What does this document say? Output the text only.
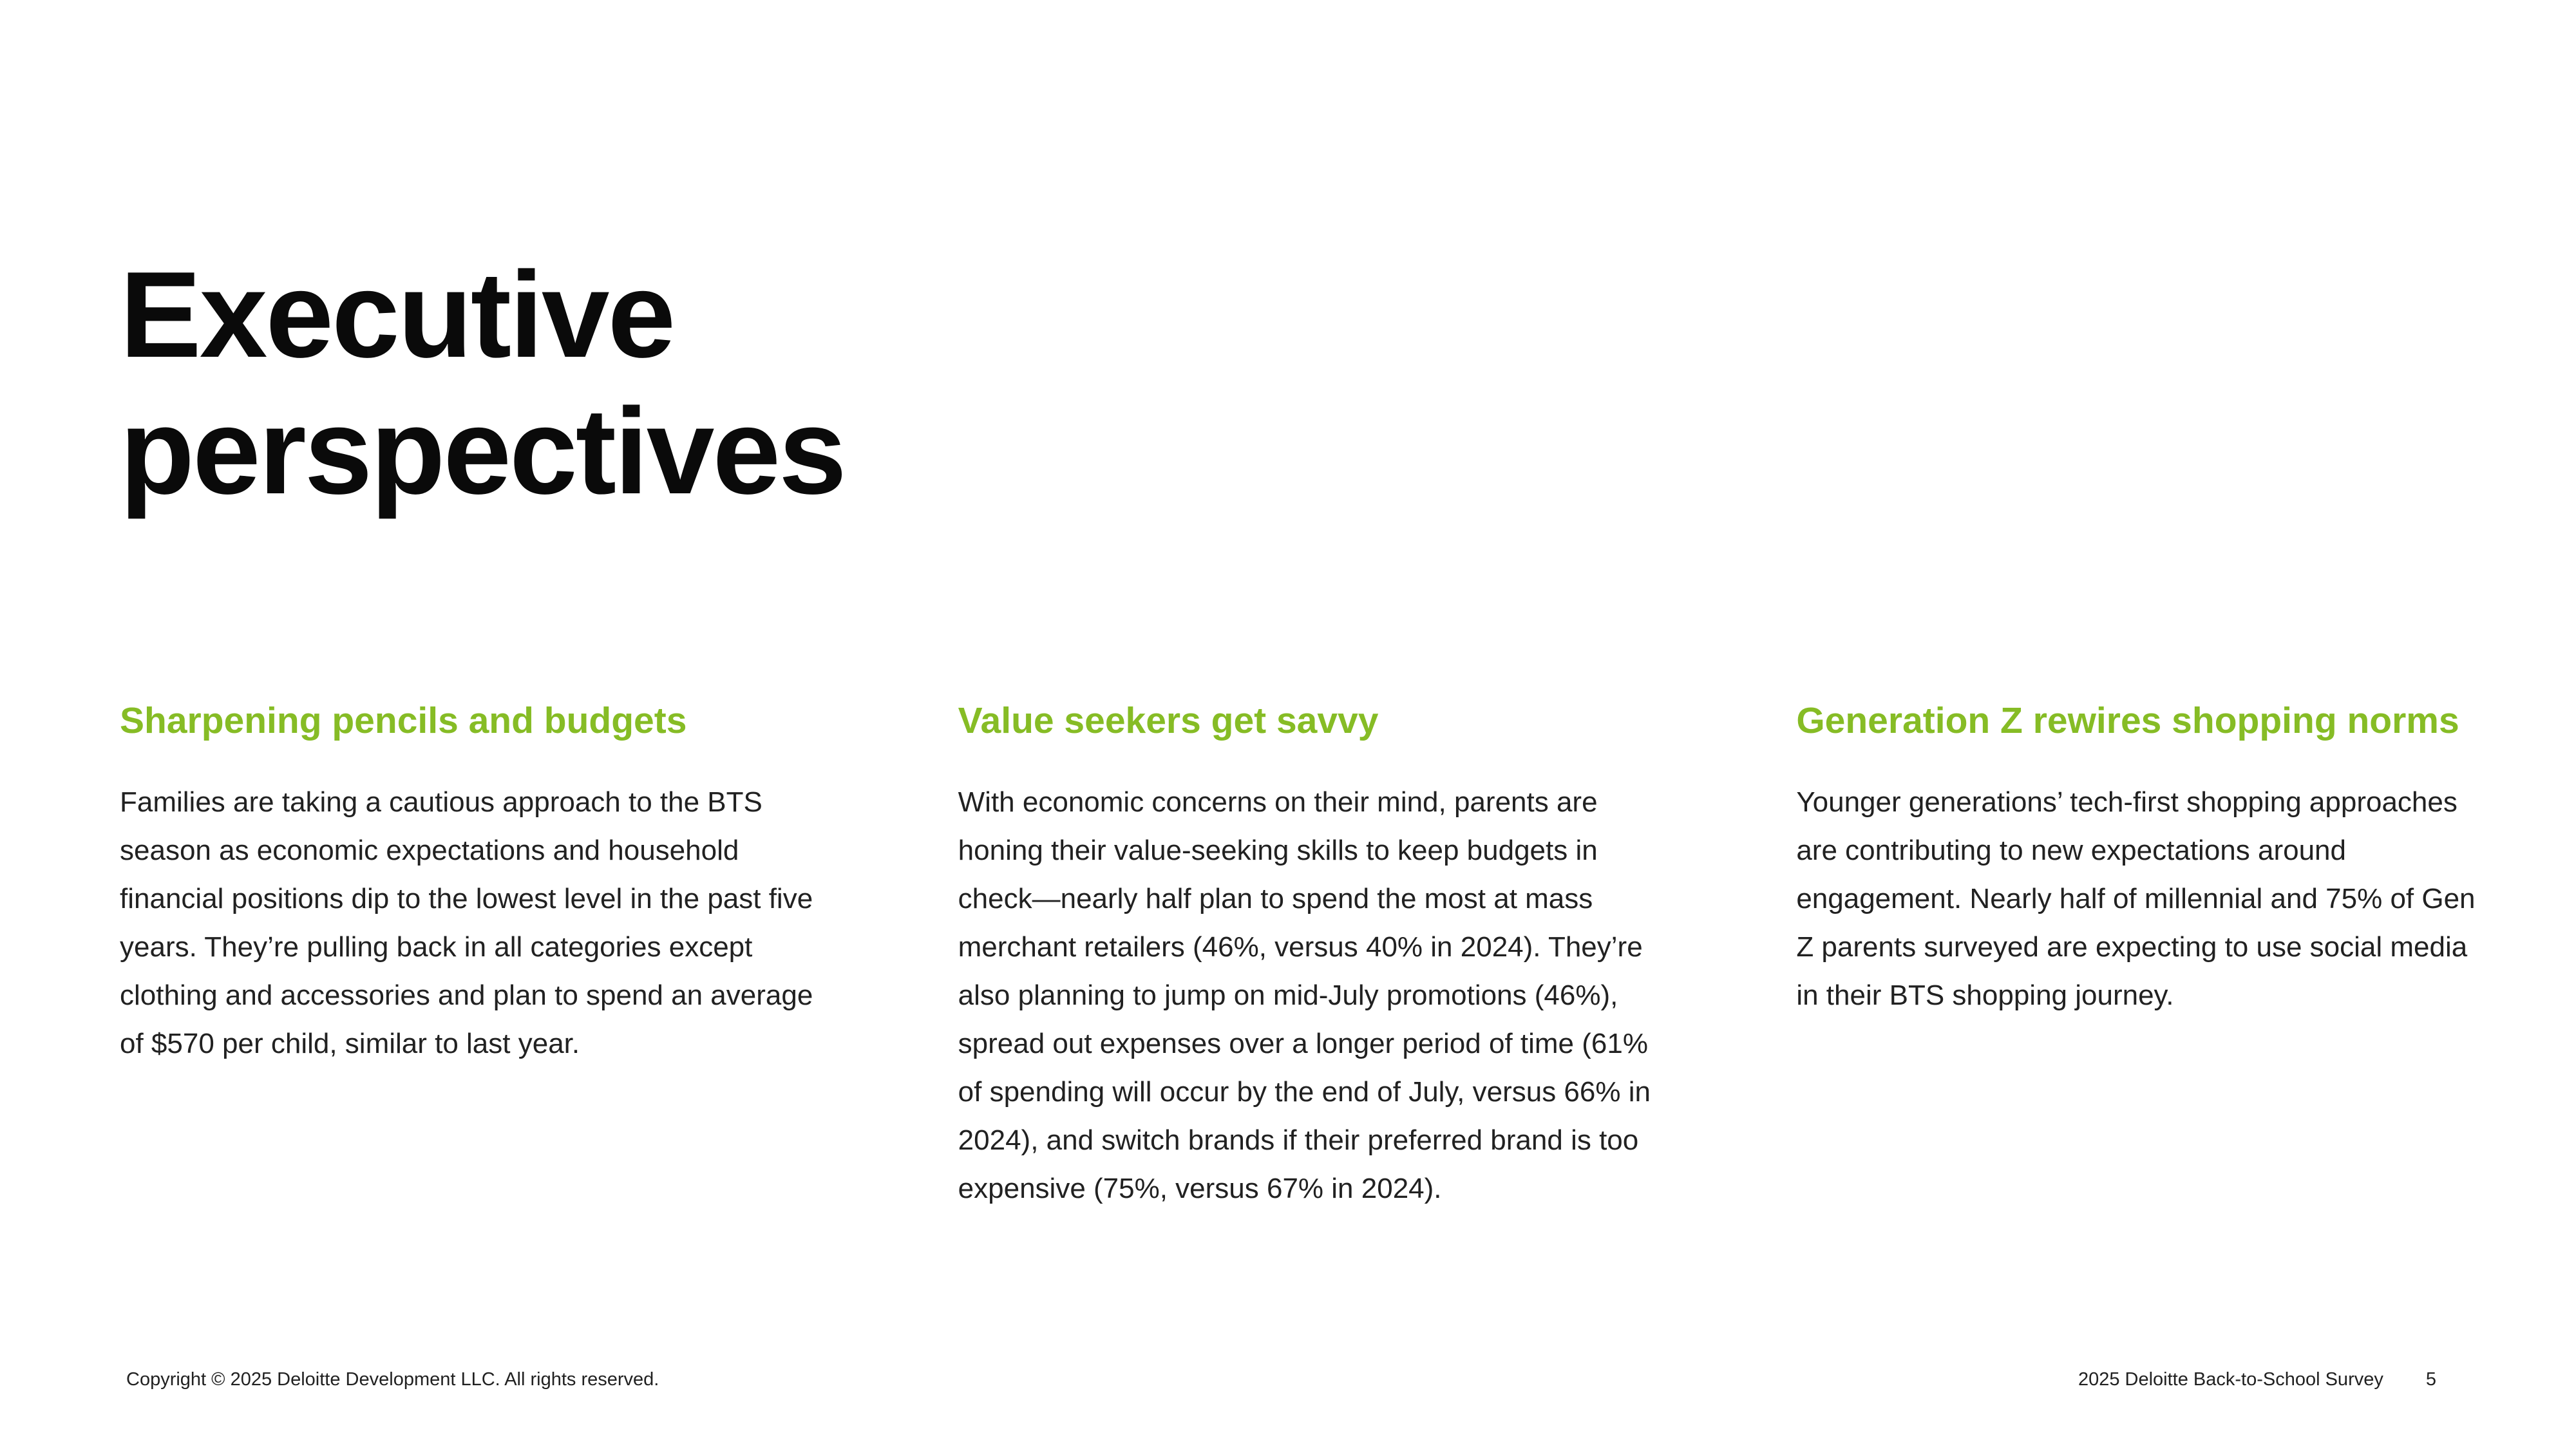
Executive
perspectives
Sharpening pencils and budgets

Families are taking a cautious approach to the BTS season as economic expectations and household financial positions dip to the lowest level in the past five years. They’re pulling back in all categories except clothing and accessories and plan to spend an average of $570 per child, similar to last year.

Value seekers get savvy

With economic concerns on their mind, parents are honing their value-seeking skills to keep budgets in check—nearly half plan to spend the most at mass merchant retailers (46%, versus 40% in 2024). They’re also planning to jump on mid-July promotions (46%), spread out expenses over a longer period of time (61% of spending will occur by the end of July, versus 66% in 2024), and switch brands if their preferred brand is too expensive (75%, versus 67% in 2024).

Generation Z rewires shopping norms

Younger generations’ tech-first shopping approaches are contributing to new expectations around engagement. Nearly half of millennial and 75% of Gen Z parents surveyed are expecting to use social media in their BTS shopping journey.

Copyright © 2025 Deloitte Development LLC. All rights reserved.	2025 Deloitte Back-to-School Survey 5
